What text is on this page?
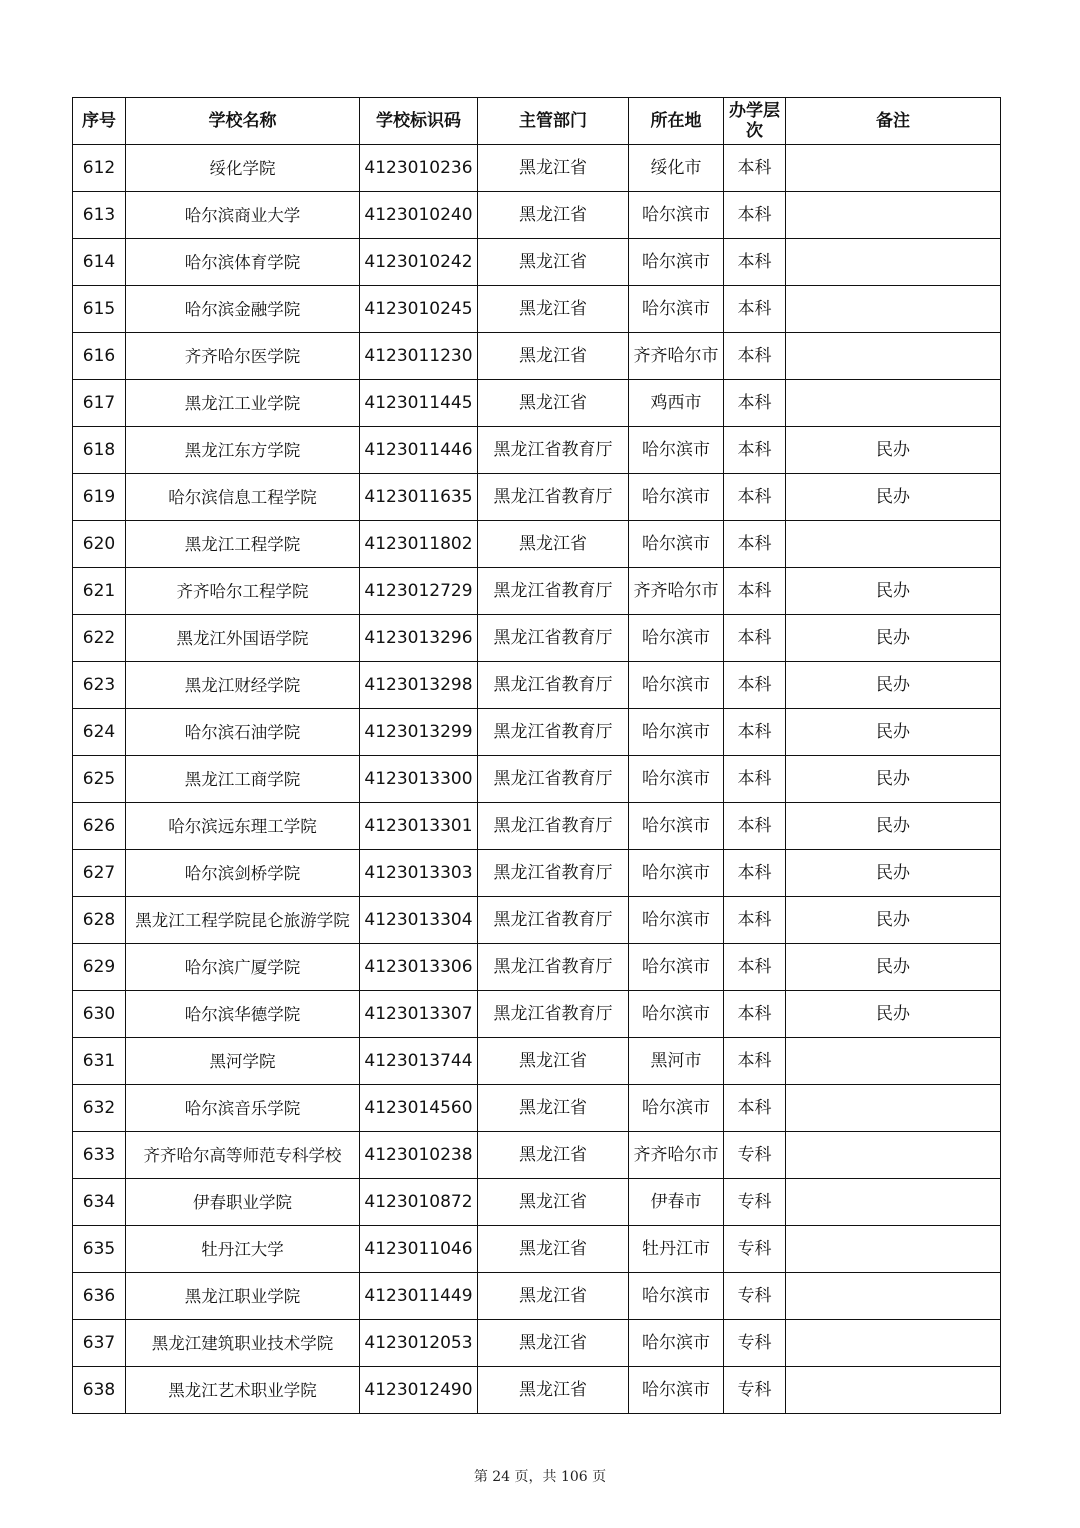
序号	学校名称	学校标识码	主管部门	所在地	办学层次	备注
612	绥化学院	4123010236	黑龙江省	绥化市	本科	
613	哈尔滨商业大学	4123010240	黑龙江省	哈尔滨市	本科	
614	哈尔滨体育学院	4123010242	黑龙江省	哈尔滨市	本科	
615	哈尔滨金融学院	4123010245	黑龙江省	哈尔滨市	本科	
616	齐齐哈尔医学院	4123011230	黑龙江省	齐齐哈尔市	本科	
617	黑龙江工业学院	4123011445	黑龙江省	鸡西市	本科	
618	黑龙江东方学院	4123011446	黑龙江省教育厅	哈尔滨市	本科	民办
619	哈尔滨信息工程学院	4123011635	黑龙江省教育厅	哈尔滨市	本科	民办
620	黑龙江工程学院	4123011802	黑龙江省	哈尔滨市	本科	
621	齐齐哈尔工程学院	4123012729	黑龙江省教育厅	齐齐哈尔市	本科	民办
622	黑龙江外国语学院	4123013296	黑龙江省教育厅	哈尔滨市	本科	民办
623	黑龙江财经学院	4123013298	黑龙江省教育厅	哈尔滨市	本科	民办
624	哈尔滨石油学院	4123013299	黑龙江省教育厅	哈尔滨市	本科	民办
625	黑龙江工商学院	4123013300	黑龙江省教育厅	哈尔滨市	本科	民办
626	哈尔滨远东理工学院	4123013301	黑龙江省教育厅	哈尔滨市	本科	民办
627	哈尔滨剑桥学院	4123013303	黑龙江省教育厅	哈尔滨市	本科	民办
628	黑龙江工程学院昆仑旅游学院	4123013304	黑龙江省教育厅	哈尔滨市	本科	民办
629	哈尔滨广厦学院	4123013306	黑龙江省教育厅	哈尔滨市	本科	民办
630	哈尔滨华德学院	4123013307	黑龙江省教育厅	哈尔滨市	本科	民办
631	黑河学院	4123013744	黑龙江省	黑河市	本科	
632	哈尔滨音乐学院	4123014560	黑龙江省	哈尔滨市	本科	
633	齐齐哈尔高等师范专科学校	4123010238	黑龙江省	齐齐哈尔市	专科	
634	伊春职业学院	4123010872	黑龙江省	伊春市	专科	
635	牡丹江大学	4123011046	黑龙江省	牡丹江市	专科	
636	黑龙江职业学院	4123011449	黑龙江省	哈尔滨市	专科	
637	黑龙江建筑职业技术学院	4123012053	黑龙江省	哈尔滨市	专科	
638	黑龙江艺术职业学院	4123012490	黑龙江省	哈尔滨市	专科	
第 24 页，共 106 页
